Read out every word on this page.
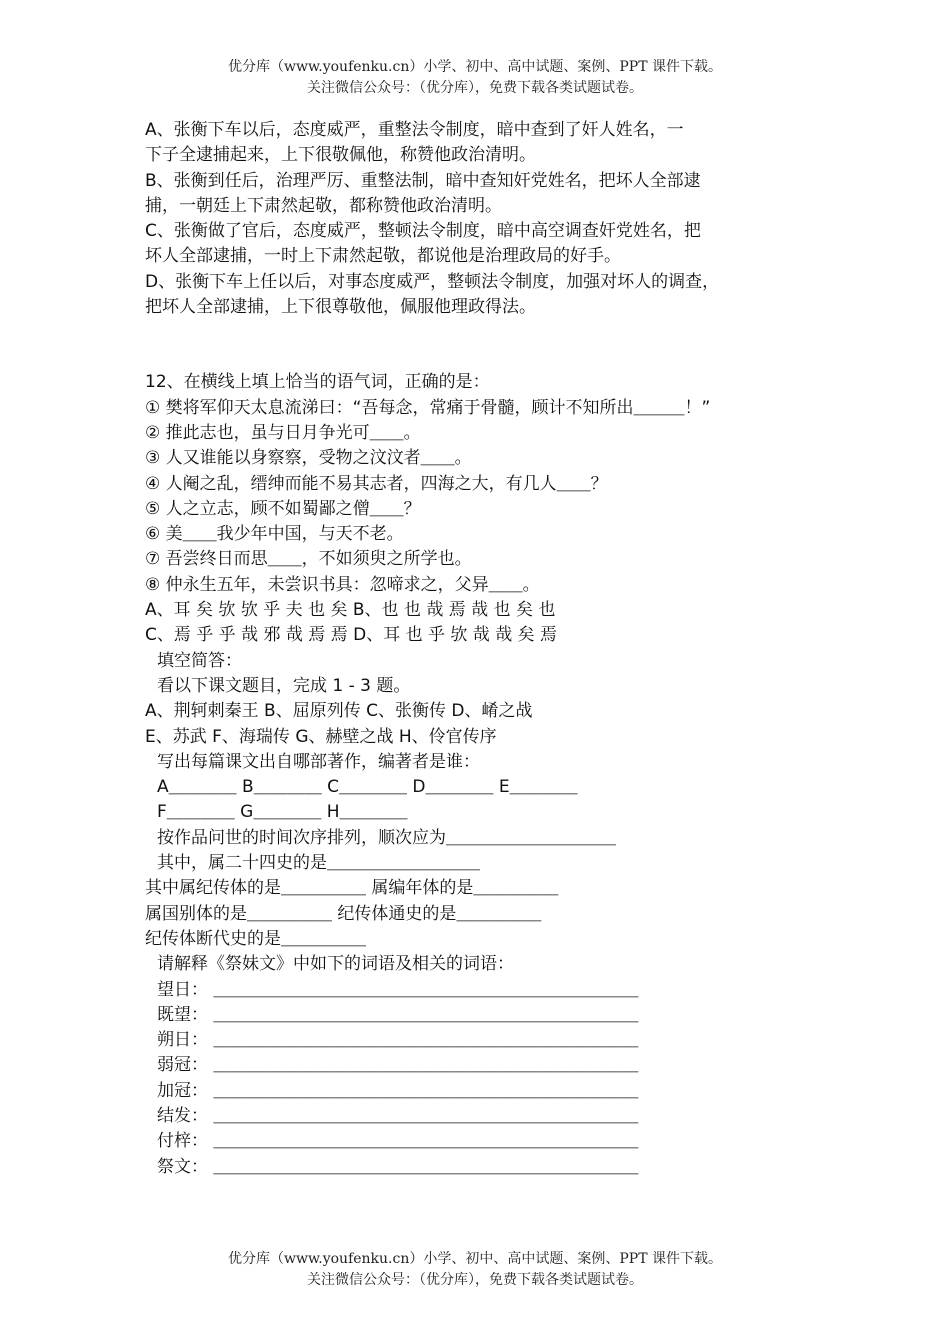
优分库（www.youfenku.cn）小学、初中、高中试题、案例、PPT 课件下载。
关注微信公众号：（优分库），免费下载各类试题试卷。
A、张衡下车以后，态度威严，重整法令制度，暗中查到了奸人姓名，一
下子全逮捕起来，上下很敬佩他，称赞他政治清明。
B、张衡到任后，治理严厉、重整法制，暗中查知奸党姓名，把坏人全部逮
捕，一朝廷上下肃然起敬，都称赞他政治清明。
C、张衡做了官后，态度威严，整顿法令制度，暗中高空调查奸党姓名，把
坏人全部逮捕，一时上下肃然起敬，都说他是治理政局的好手。
D、张衡下车上任以后，对事态度威严，整顿法令制度，加强对坏人的调查，
把坏人全部逮捕，上下很尊敬他，佩服他理政得法。
12、在横线上填上恰当的语气词，正确的是：
① 樊将军仰天太息流涕曰：“吾每念，常痛于骨髓，顾计不知所出＿＿＿！”
② 推此志也，虽与日月争光可＿＿。
③ 人又谁能以身察察，受物之汶汶者＿＿。
④ 人阉之乱，缙绅而能不易其志者，四海之大，有几人＿＿？
⑤ 人之立志，顾不如蜀鄙之僧＿＿？
⑥ 美＿＿我少年中国，与天不老。
⑦ 吾尝终日而思＿＿，不如须臾之所学也。
⑧ 仲永生五年，未尝识书具：忽啼求之，父异＿＿。
A、耳 矣 欤 欤 乎 夫 也 矣 B、也 也 哉 焉 哉 也 矣 也
C、焉 乎 乎 哉 邪 哉 焉 焉 D、耳 也 乎 欤 哉 哉 矣 焉
填空简答：
看以下课文题目，完成 1 - 3 题。
A、荆轲刺秦王 B、屈原列传 C、张衡传 D、崤之战
E、苏武 F、海瑞传 G、赫壁之战 H、伶官传序
写出每篇课文出自哪部著作，编著者是谁：
A＿＿＿＿ B＿＿＿＿ C＿＿＿＿ D＿＿＿＿ E＿＿＿＿
F＿＿＿＿ G＿＿＿＿ H＿＿＿＿
按作品问世的时间次序排列，顺次应为＿＿＿＿＿＿＿＿＿＿
其中，属二十四史的是＿＿＿＿＿＿＿＿＿
其中属纪传体的是＿＿＿＿＿ 属编年体的是＿＿＿＿＿
属国别体的是＿＿＿＿＿ 纪传体通史的是＿＿＿＿＿
纪传体断代史的是＿＿＿＿＿
请解释《祭妹文》中如下的词语及相关的词语：
望日： ＿＿＿＿＿＿＿＿＿＿＿＿＿＿＿＿＿＿＿＿＿＿＿＿＿
既望： ＿＿＿＿＿＿＿＿＿＿＿＿＿＿＿＿＿＿＿＿＿＿＿＿＿
朔日： ＿＿＿＿＿＿＿＿＿＿＿＿＿＿＿＿＿＿＿＿＿＿＿＿＿
弱冠： ＿＿＿＿＿＿＿＿＿＿＿＿＿＿＿＿＿＿＿＿＿＿＿＿＿
加冠： ＿＿＿＿＿＿＿＿＿＿＿＿＿＿＿＿＿＿＿＿＿＿＿＿＿
结发： ＿＿＿＿＿＿＿＿＿＿＿＿＿＿＿＿＿＿＿＿＿＿＿＿＿
付梓： ＿＿＿＿＿＿＿＿＿＿＿＿＿＿＿＿＿＿＿＿＿＿＿＿＿
祭文： ＿＿＿＿＿＿＿＿＿＿＿＿＿＿＿＿＿＿＿＿＿＿＿＿＿
优分库（www.youfenku.cn）小学、初中、高中试题、案例、PPT 课件下载。
关注微信公众号：（优分库），免费下载各类试题试卷。
